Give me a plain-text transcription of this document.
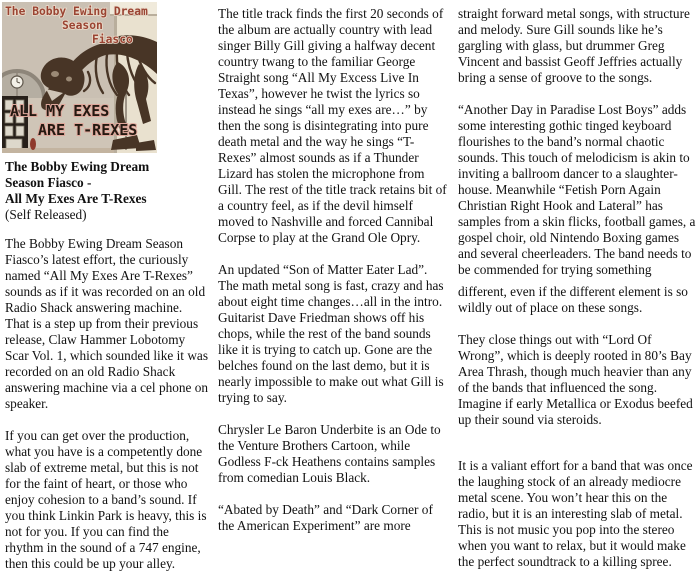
The Bobby Ewing Dream
Season
Fiasco
ALL MY EXES
ARE T-REXES
The Bobby Ewing Dream
Season Fiasco -
All My Exes Are T-Rexes
(Self Released)

The Bobby Ewing Dream Season Fiasco’s latest effort, the curiously named “All My Exes Are T-Rexes” sounds as if it was recorded on an old Radio Shack answering machine. That is a step up from their previous release, Claw Hammer Lobotomy Scar Vol. 1, which sounded like it was recorded on an old Radio Shack answering machine via a cel phone on speaker.

If you can get over the production, what you have is a competently done slab of extreme metal, but this is not for the faint of heart, or those who enjoy cohesion to a band’s sound. If you think Linkin Park is heavy, this is not for you. If you can find the rhythm in the sound of a 747 engine, then this could be up your alley.

The title track finds the first 20 seconds of the album are actually country with lead singer Billy Gill giving a halfway decent country twang to the familiar George Straight song “All My Excess Live In Texas”, however he twist the lyrics so instead he sings “all my exes are…” by then the song is disintegrating into pure death metal and the way he sings “T-Rexes” almost sounds as if a Thunder Lizard has stolen the microphone from Gill. The rest of the title track retains bit of a country feel, as if the devil himself moved to Nashville and forced Cannibal Corpse to play at the Grand Ole Opry.

An updated “Son of Matter Eater Lad”. The math metal song is fast, crazy and has about eight time changes…all in the intro. Guitarist Dave Friedman shows off his chops, while the rest of the band sounds like it is trying to catch up. Gone are the belches found on the last demo, but it is nearly impossible to make out what Gill is trying to say.

Chrysler Le Baron Underbite is an Ode to the Venture Brothers Cartoon, while Godless F-ck Heathens contains samples from comedian Louis Black.

“Abated by Death” and “Dark Corner of the American Experiment” are more

straight forward metal songs, with structure and melody. Sure Gill sounds like he’s gargling with glass, but drummer Greg Vincent and bassist Geoff Jeffries actually bring a sense of groove to the songs.

“Another Day in Paradise Lost Boys” adds some interesting gothic tinged keyboard flourishes to the band’s normal chaotic sounds. This touch of melodicism is akin to inviting a ballroom dancer to a slaughter-house. Meanwhile “Fetish Porn Again Christian Right Hook and Lateral” has samples from a skin flicks, football games, a gospel choir, old Nintendo Boxing games and several cheerleaders. The band needs to be commended for trying something

different, even if the different element is so wildly out of place on these songs.

They close things out with “Lord Of Wrong”, which is deeply rooted in 80’s Bay Area Thrash, though much heavier than any of the bands that influenced the song. Imagine if early Metallica or Exodus beefed up their sound via steroids.

It is a valiant effort for a band that was once the laughing stock of an already mediocre metal scene. You won’t hear this on the radio, but it is an interesting slab of metal. This is not music you pop into the stereo when you want to relax, but it would make the perfect soundtrack to a killing spree.
